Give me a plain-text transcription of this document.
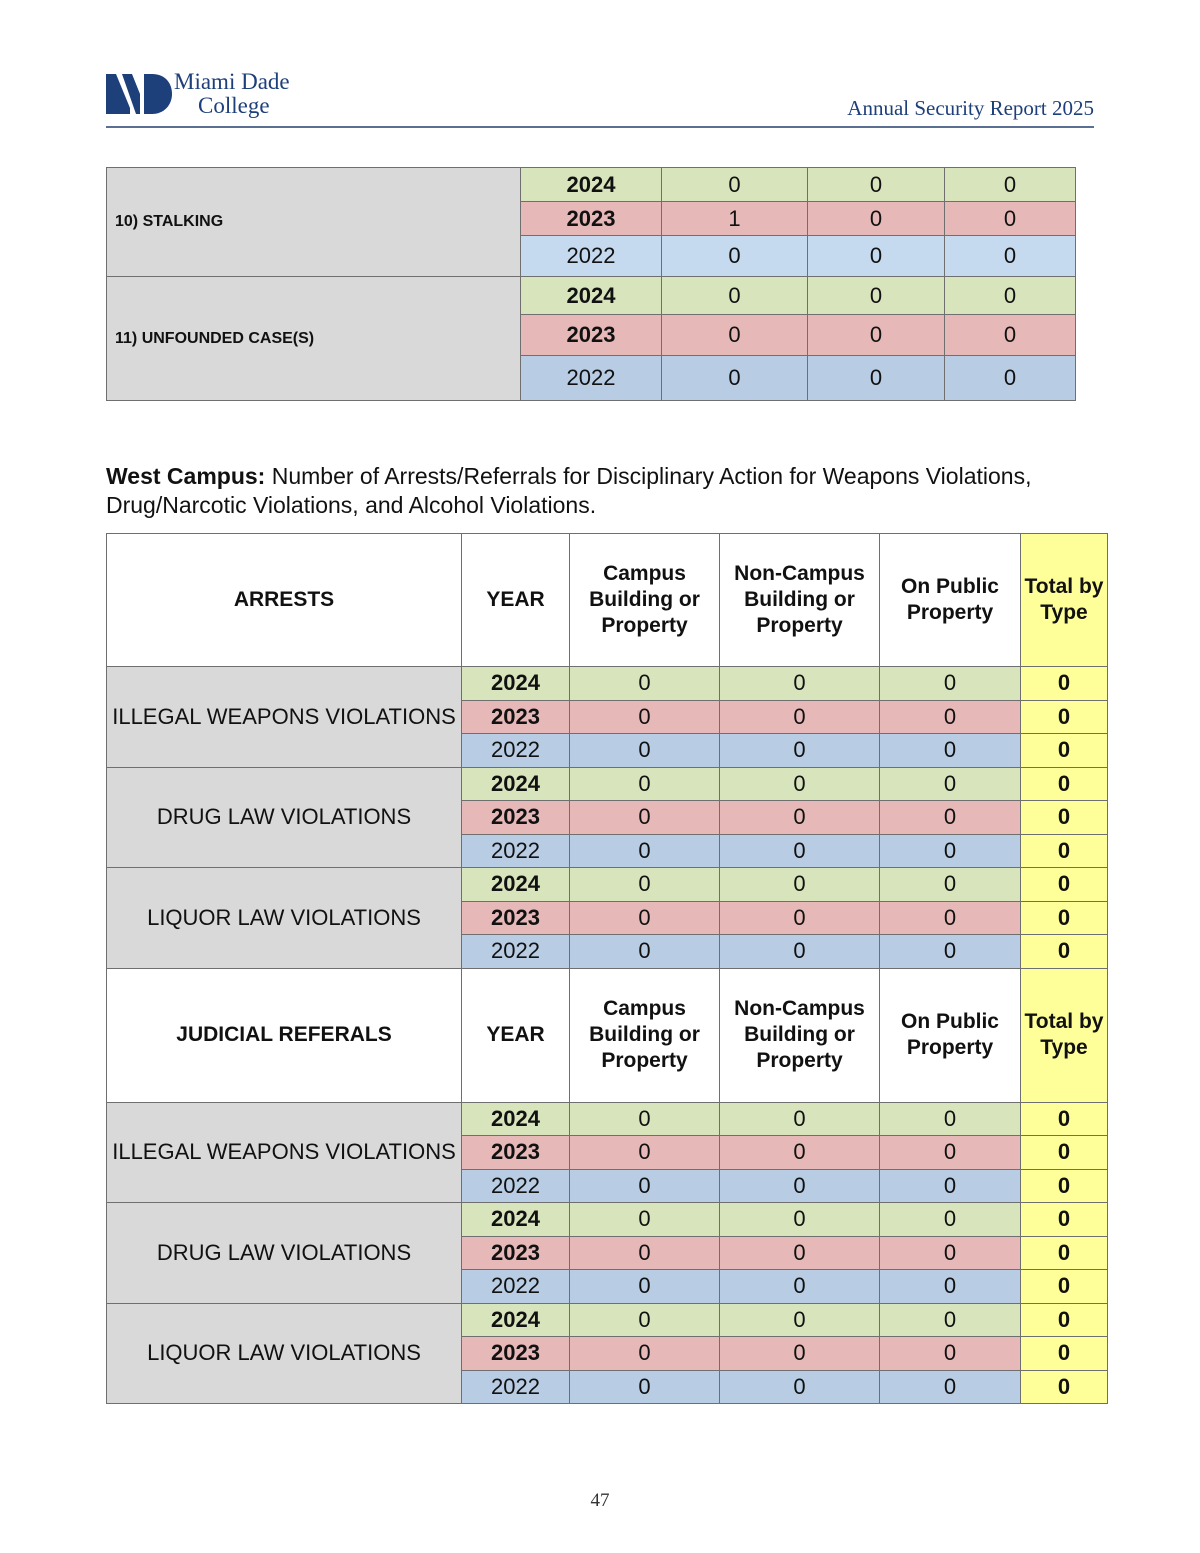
Miami Dade
College	Annual Security Report 2025
10) STALKING	2024	0	0	0
	2023	1	0	0
	2022	0	0	0
11) UNFOUNDED CASE(S)	2024	0	0	0
	2023	0	0	0
	2022	0	0	0
West Campus: Number of Arrests/Referrals for Disciplinary Action for Weapons Violations, Drug/Narcotic Violations, and Alcohol Violations.
ARRESTS	YEAR	Campus Building or Property	Non-Campus Building or Property	On Public Property	Total by Type
ILLEGAL WEAPONS VIOLATIONS	2024	0	0	0	0
	2023	0	0	0	0
	2022	0	0	0	0
DRUG LAW VIOLATIONS	2024	0	0	0	0
	2023	0	0	0	0
	2022	0	0	0	0
LIQUOR LAW VIOLATIONS	2024	0	0	0	0
	2023	0	0	0	0
	2022	0	0	0	0
JUDICIAL REFERALS	YEAR	Campus Building or Property	Non-Campus Building or Property	On Public Property	Total by Type
ILLEGAL WEAPONS VIOLATIONS	2024	0	0	0	0
	2023	0	0	0	0
	2022	0	0	0	0
DRUG LAW VIOLATIONS	2024	0	0	0	0
	2023	0	0	0	0
	2022	0	0	0	0
LIQUOR LAW VIOLATIONS	2024	0	0	0	0
	2023	0	0	0	0
	2022	0	0	0	0
47
